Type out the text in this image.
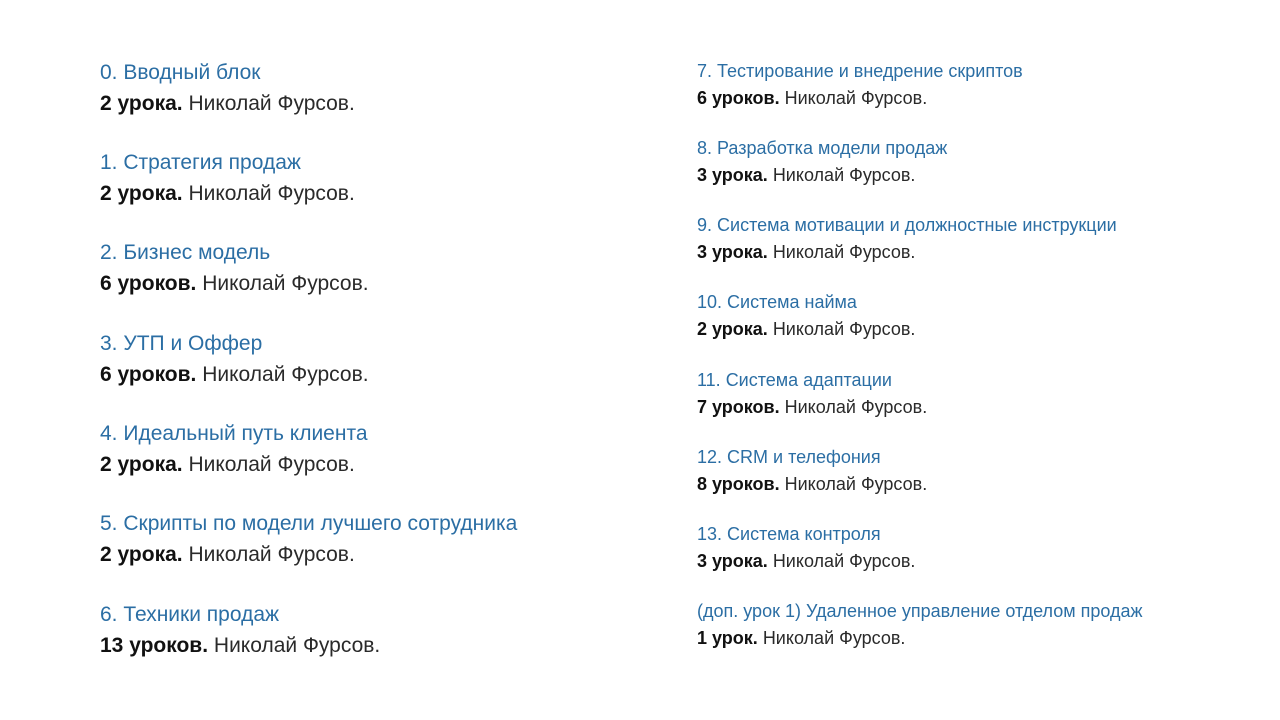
0. Вводный блок
2 урока. Николай Фурсов.
1. Стратегия продаж
2 урока. Николай Фурсов.
2. Бизнес модель
6 уроков. Николай Фурсов.
3. УТП и Оффер
6 уроков. Николай Фурсов.
4. Идеальный путь клиента
2 урока. Николай Фурсов.
5. Скрипты по модели лучшего сотрудника
2 урока. Николай Фурсов.
6. Техники продаж
13 уроков. Николай Фурсов.
7. Тестирование и внедрение скриптов
6 уроков. Николай Фурсов.
8. Разработка модели продаж
3 урока. Николай Фурсов.
9. Система мотивации и должностные инструкции
3 урока. Николай Фурсов.
10. Система найма
2 урока. Николай Фурсов.
11. Система адаптации
7 уроков. Николай Фурсов.
12. CRM и телефония
8 уроков. Николай Фурсов.
13. Система контроля
3 урока. Николай Фурсов.
(доп. урок 1) Удаленное управление отделом продаж
1 урок. Николай Фурсов.
